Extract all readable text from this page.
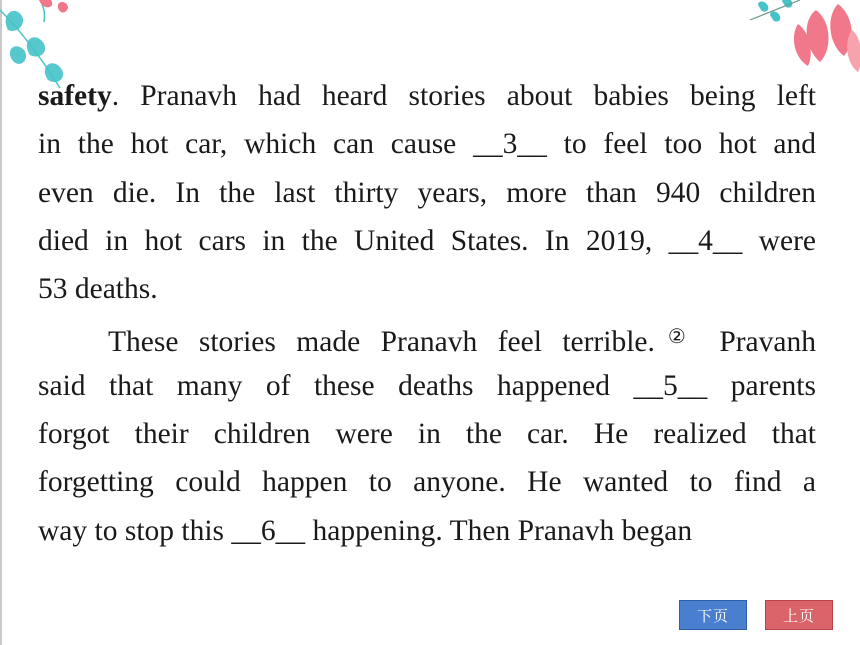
safety. Pranavh had heard stories about babies being left
in the hot car, which can cause __3__ to feel too hot and
even die. In the last thirty years, more than 940 children
died in hot cars in the United States. In 2019, __4__ were
53 deaths.
These stories made Pranavh feel terrible.② Pravanh
said that many of these deaths happened __5__ parents
forgot their children were in the car. He realized that
forgetting could happen to anyone. He wanted to find a
way to stop this __6__ happening. Then Pranavh began
下页	上页
